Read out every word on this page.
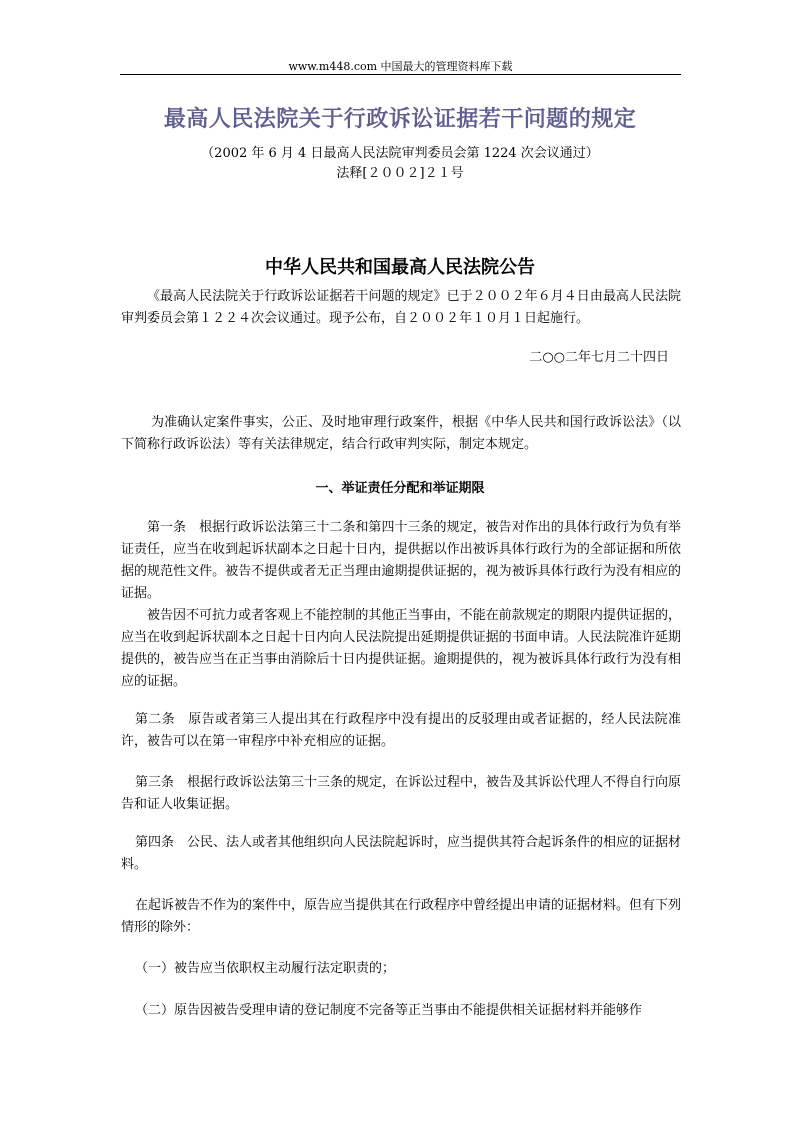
www.m448.com 中国最大的管理资料库下载
最高人民法院关于行政诉讼证据若干问题的规定
（2002 年 6 月 4 日最高人民法院审判委员会第 1224 次会议通过）
法释[２００２]２１号
中华人民共和国最高人民法院公告

《最高人民法院关于行政诉讼证据若干问题的规定》已于２００２年６月４日由最高人民法院审判委员会第１２２４次会议通过。现予公布，自２００２年１０月１日起施行。

二○○二年七月二十四日

为准确认定案件事实，公正、及时地审理行政案件，根据《中华人民共和国行政诉讼法》（以下简称行政诉讼法）等有关法律规定，结合行政审判实际，制定本规定。

一、举证责任分配和举证期限

第一条　根据行政诉讼法第三十二条和第四十三条的规定，被告对作出的具体行政行为负有举证责任，应当在收到起诉状副本之日起十日内，提供据以作出被诉具体行政行为的全部证据和所依据的规范性文件。被告不提供或者无正当理由逾期提供证据的，视为被诉具体行政行为没有相应的证据。

被告因不可抗力或者客观上不能控制的其他正当事由，不能在前款规定的期限内提供证据的，应当在收到起诉状副本之日起十日内向人民法院提出延期提供证据的书面申请。人民法院准许延期提供的，被告应当在正当事由消除后十日内提供证据。逾期提供的，视为被诉具体行政行为没有相应的证据。

第二条　原告或者第三人提出其在行政程序中没有提出的反驳理由或者证据的，经人民法院准许，被告可以在第一审程序中补充相应的证据。

第三条　根据行政诉讼法第三十三条的规定，在诉讼过程中，被告及其诉讼代理人不得自行向原告和证人收集证据。

第四条　公民、法人或者其他组织向人民法院起诉时，应当提供其符合起诉条件的相应的证据材料。

在起诉被告不作为的案件中，原告应当提供其在行政程序中曾经提出申请的证据材料。但有下列情形的除外：

（一）被告应当依职权主动履行法定职责的；

（二）原告因被告受理申请的登记制度不完备等正当事由不能提供相关证据材料并能够作
